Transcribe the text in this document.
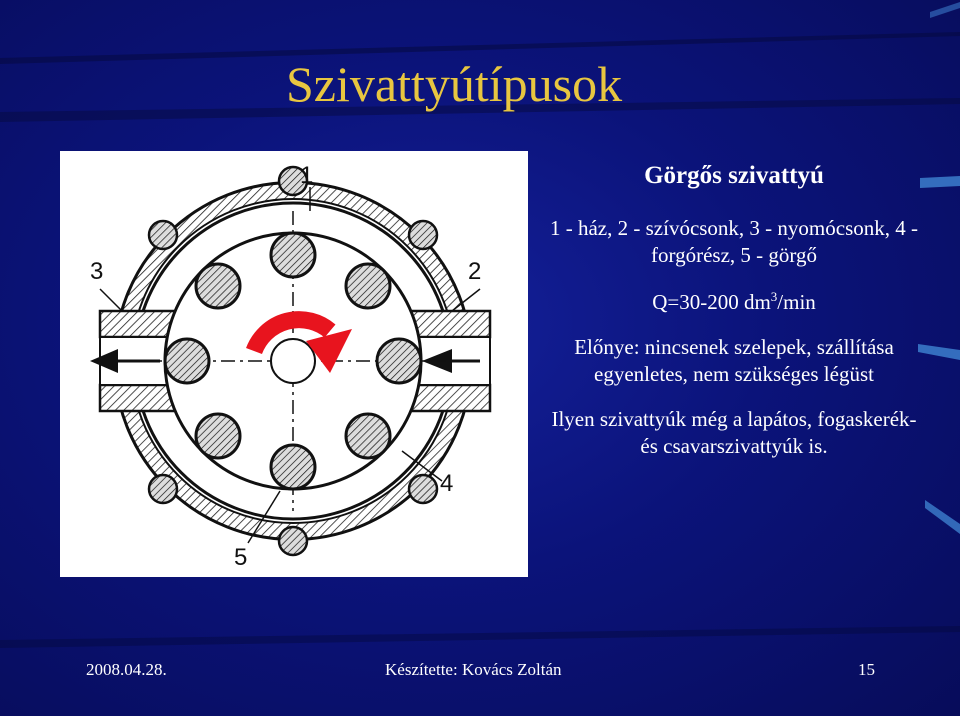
Szivattyútípusok
1
2
3
4
5
Görgős szivattyú
1 - ház, 2 - szívócsonk, 3 - nyomócsonk, 4 - forgórész, 5 - görgő
Q=30-200 $dm^3/\min$
Előnye: nincsenek szelepek, szállítása egyenletes, nem szükséges légüst
Ilyen szivattyúk még a lapátos, fogaskerék- és csavarszivattyúk is.
2008.04.28.	Készítette: Kovács Zoltán	15
